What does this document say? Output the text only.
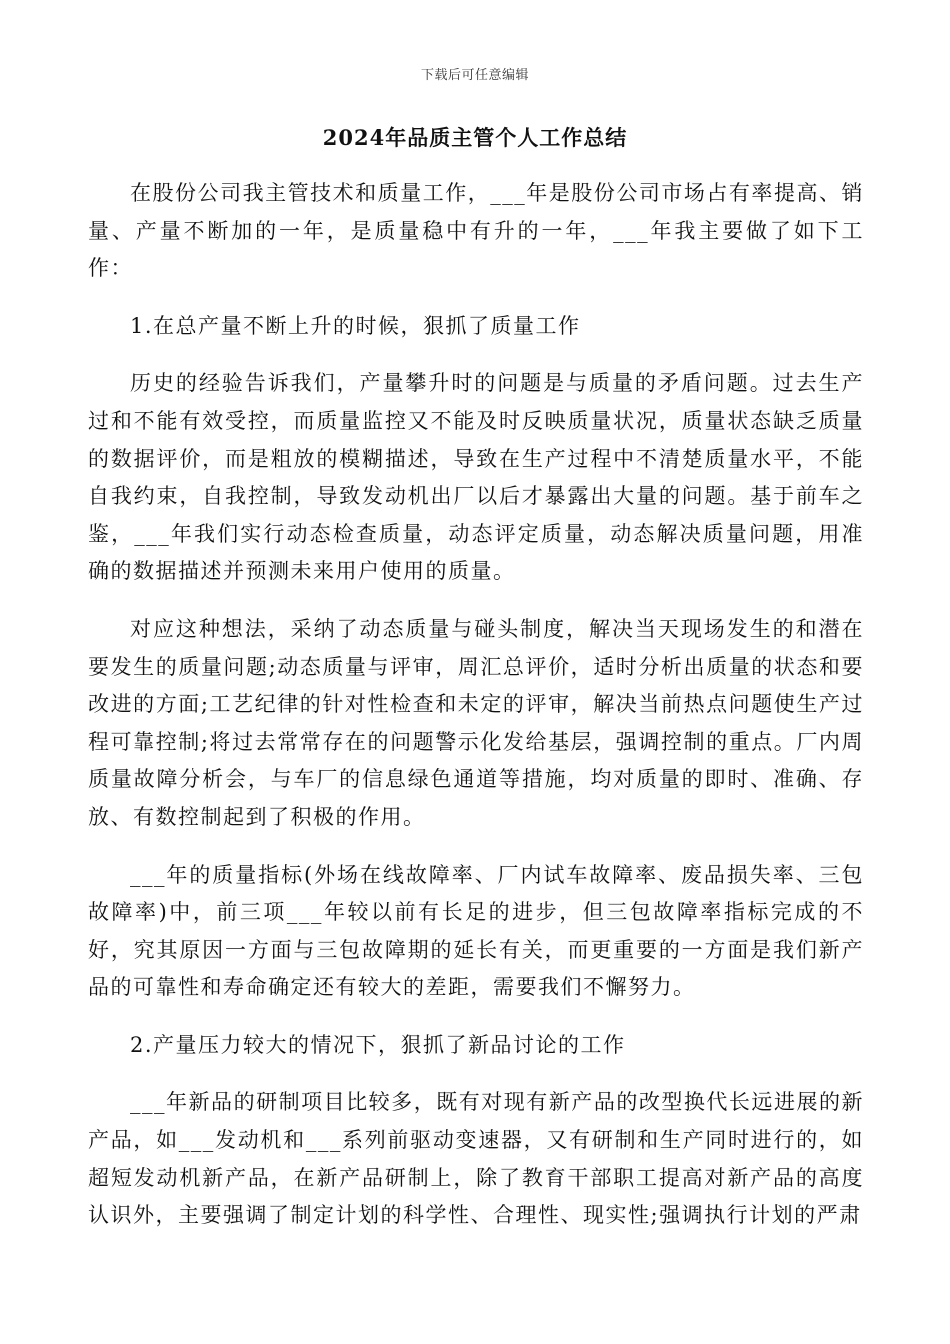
下载后可任意编辑
2024年品质主管个人工作总结

在股份公司我主管技术和质量工作，___年是股份公司市场占有率提高、销量、产量不断加的一年，是质量稳中有升的一年，___年我主要做了如下工作：

1.在总产量不断上升的时候，狠抓了质量工作

历史的经验告诉我们，产量攀升时的问题是与质量的矛盾问题。过去生产过和不能有效受控，而质量监控又不能及时反映质量状况，质量状态缺乏质量的数据评价，而是粗放的模糊描述，导致在生产过程中不清楚质量水平，不能自我约束，自我控制，导致发动机出厂以后才暴露出大量的问题。基于前车之鉴，___年我们实行动态检查质量，动态评定质量，动态解决质量问题，用准确的数据描述并预测未来用户使用的质量。

对应这种想法，采纳了动态质量与碰头制度，解决当天现场发生的和潜在要发生的质量问题;动态质量与评审，周汇总评价，适时分析出质量的状态和要改进的方面;工艺纪律的针对性检查和未定的评审，解决当前热点问题使生产过程可靠控制;将过去常常存在的问题警示化发给基层，强调控制的重点。厂内周质量故障分析会，与车厂的信息绿色通道等措施，均对质量的即时、准确、存放、有数控制起到了积极的作用。

___年的质量指标(外场在线故障率、厂内试车故障率、废品损失率、三包故障率)中，前三项___年较以前有长足的进步，但三包故障率指标完成的不好，究其原因一方面与三包故障期的延长有关，而更重要的一方面是我们新产品的可靠性和寿命确定还有较大的差距，需要我们不懈努力。

2.产量压力较大的情况下，狠抓了新品讨论的工作

___年新品的研制项目比较多，既有对现有新产品的改型换代长远进展的新产品，如___发动机和___系列前驱动变速器，又有研制和生产同时进行的，如超短发动机新产品，在新产品研制上，除了教育干部职工提高对新产品的高度认识外，主要强调了制定计划的科学性、合理性、现实性;强调执行计划的严肃
